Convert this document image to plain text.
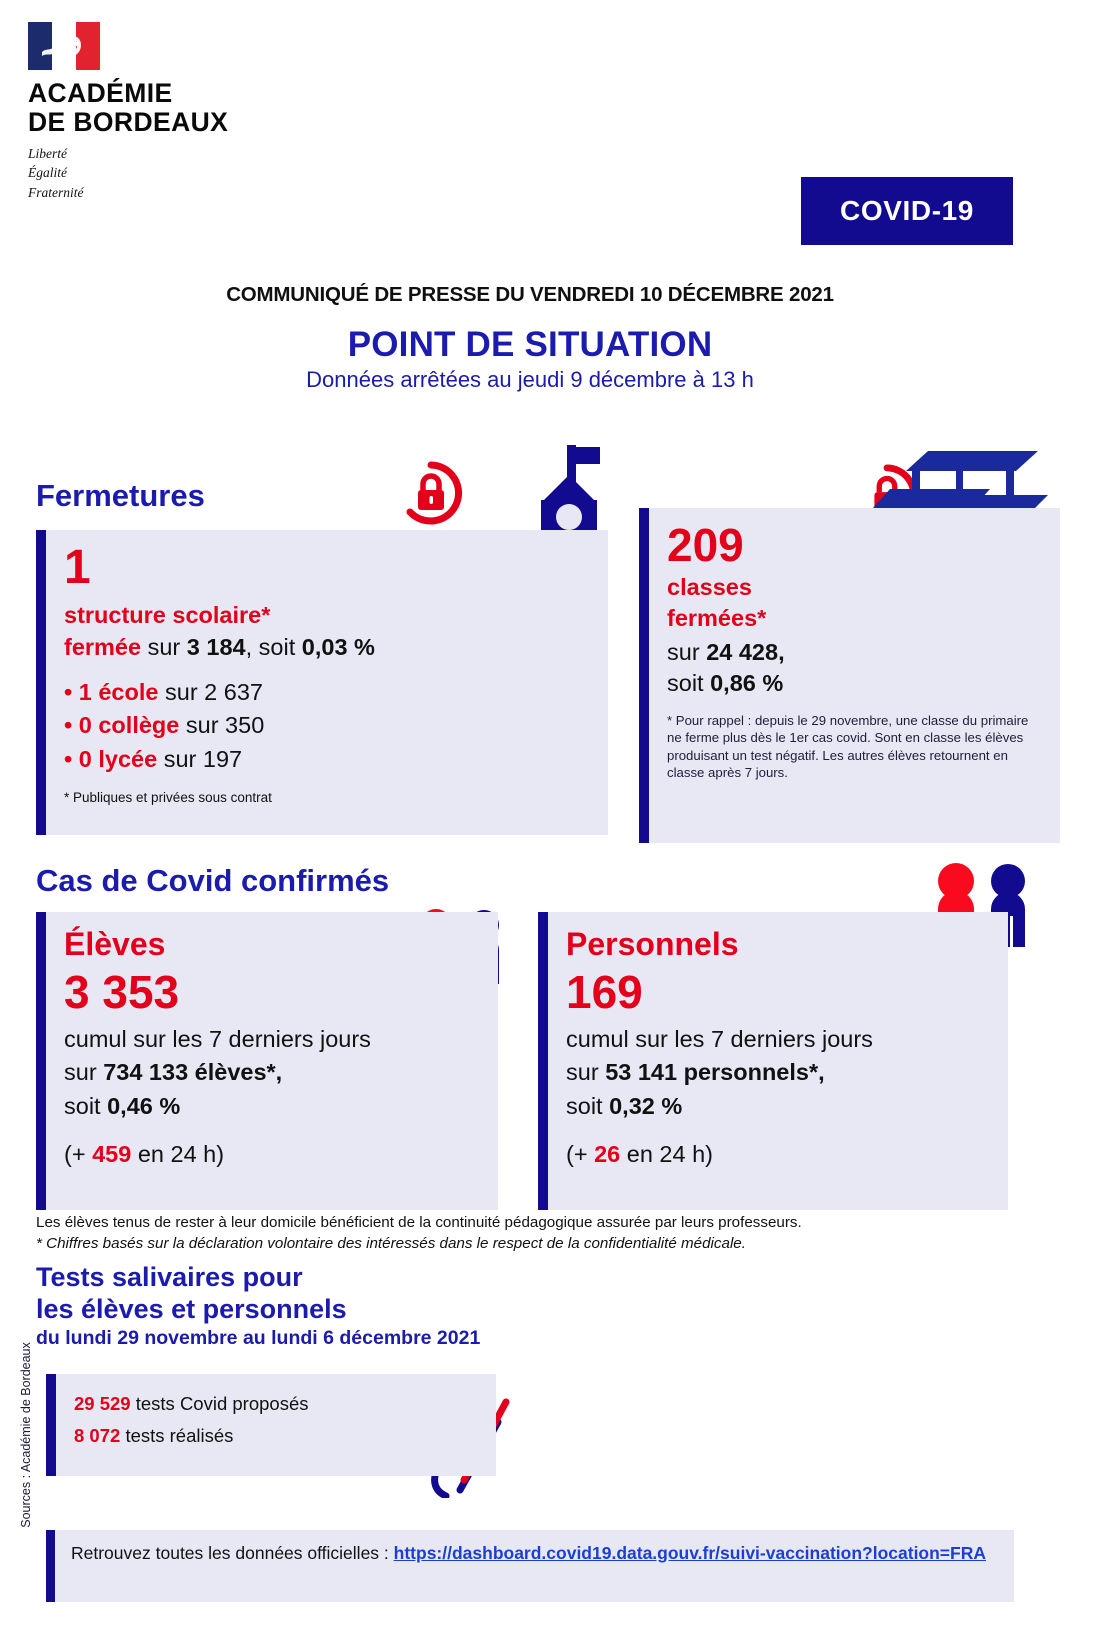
ACADÉMIE
DE BORDEAUX
Liberté
Égalité
Fraternité
COVID-19
COMMUNIQUÉ DE PRESSE DU VENDREDI 10 DÉCEMBRE 2021
POINT DE SITUATION
Données arrêtées au jeudi 9 décembre à 13 h
Fermetures
1
structure scolaire*
fermée sur 3 184, soit 0,03 %
• 1 école sur 2 637
• 0 collège sur 350
• 0 lycée sur 197
* Publiques et privées sous contrat
209
classes
fermées*
sur 24 428,
soit 0,86 %
* Pour rappel : depuis le 29 novembre, une classe du primaire ne ferme plus dès le 1er cas covid. Sont en classe les élèves produisant un test négatif. Les autres élèves retournent en classe après 7 jours.
Cas de Covid confirmés
Élèves
3 353
cumul sur les 7 derniers jours
sur 734 133 élèves*,
soit 0,46 %
(+ 459 en 24 h)
Personnels
169
cumul sur les 7 derniers jours
sur 53 141 personnels*,
soit 0,32 %
(+ 26 en 24 h)
Les élèves tenus de rester à leur domicile bénéficient de la continuité pédagogique assurée par leurs professeurs.
* Chiffres basés sur la déclaration volontaire des intéressés dans le respect de la confidentialité médicale.
Tests salivaires pour
les élèves et personnels
du lundi 29 novembre au lundi 6 décembre 2021
29 529 tests Covid proposés
8 072 tests réalisés
Retrouvez toutes les données officielles : https://dashboard.covid19.data.gouv.fr/suivi-vaccination?location=FRA
Sources : Académie de Bordeaux
